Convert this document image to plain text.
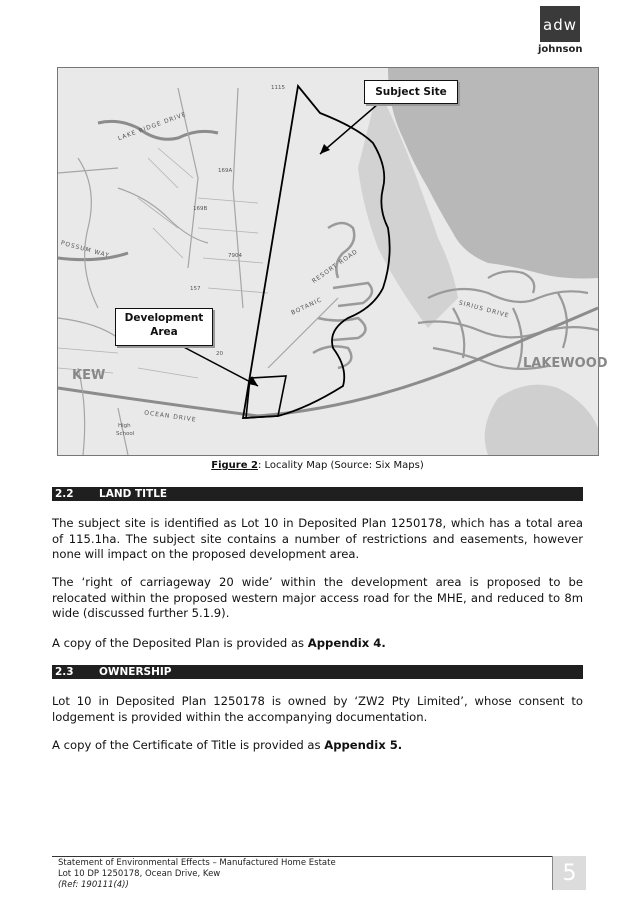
adw
johnson
Subject Site
Development
Area
LAKE RIDGE DRIVE
POSSUM WAY	RESORT ROAD
BOTANIC	SIRIUS DRIVE
OCEAN DRIVE
KEW
LAKEWOOD
High
School
1115
169A
169B
7904
157
20
Figure 2: Locality Map (Source: Six Maps)
2.2 LAND TITLE
The subject site is identified as Lot 10 in Deposited Plan 1250178, which has a total area of 115.1ha. The subject site contains a number of restrictions and easements, however none will impact on the proposed development area.
The ‘right of carriageway 20 wide’ within the development area is proposed to be relocated within the proposed western major access road for the MHE, and reduced to 8m wide (discussed further 5.1.9).
A copy of the Deposited Plan is provided as Appendix 4.
2.3 OWNERSHIP
Lot 10 in Deposited Plan 1250178 is owned by ‘ZW2 Pty Limited’, whose consent to lodgement is provided within the accompanying documentation.
A copy of the Certificate of Title is provided as Appendix 5.
Statement of Environmental Effects – Manufactured Home Estate
Lot 10 DP 1250178, Ocean Drive, Kew
(Ref: 190111(4))	5
